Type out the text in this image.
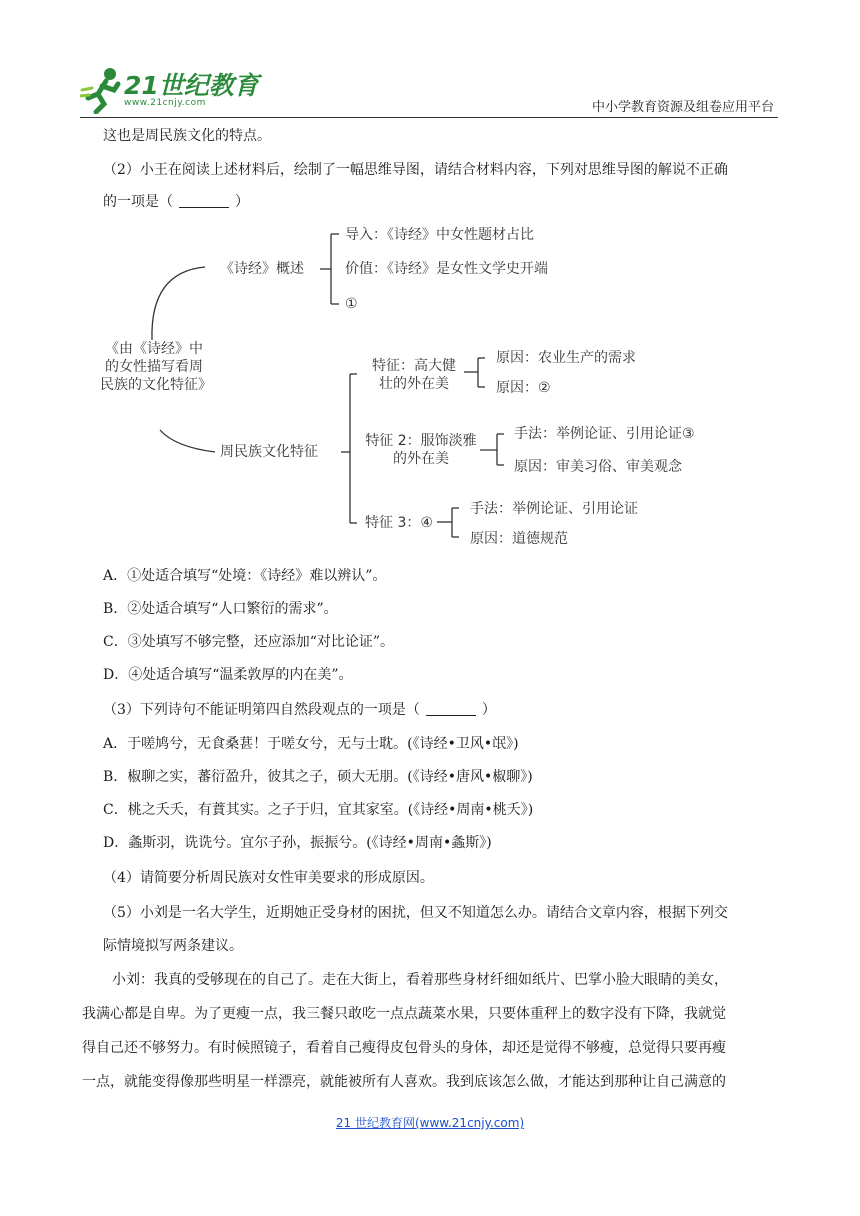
21世纪教育
www.21cnjy.com	中小学教育资源及组卷应用平台
这也是周民族文化的特点。
（2）小王在阅读上述材料后，绘制了一幅思维导图，请结合材料内容，下列对思维导图的解说不正确
的一项是（	）
《由《诗经》中的女性描写看周民族的文化特征》
《诗经》概述
导入：《诗经》中女性题材占比
价值：《诗经》是女性文学史开端
①
周民族文化特征
特征：高大健壮的外在美
原因：农业生产的需求
原因：②
特征 2：服饰淡雅的外在美
手法：举例论证、引用论证③
原因：审美习俗、审美观念
特征 3：④
手法：举例论证、引用论证
原因：道德规范
A．①处适合填写“处境：《诗经》难以辨认”。
B．②处适合填写“人口繁衍的需求”。
C．③处填写不够完整，还应添加“对比论证”。
D．④处适合填写“温柔敦厚的内在美”。
（3）下列诗句不能证明第四自然段观点的一项是（	）
A．于嗟鸠兮，无食桑葚！于嗟女兮，无与士耽。(《诗经•卫风•氓》)
B．椒聊之实，蕃衍盈升，彼其之子，硕大无朋。(《诗经•唐风•椒聊》)
C．桃之夭夭，有蕡其实。之子于归，宜其家室。(《诗经•周南•桃夭》)
D．螽斯羽，诜诜兮。宜尔子孙，振振兮。(《诗经•周南•螽斯》)
（4）请简要分析周民族对女性审美要求的形成原因。
（5）小刘是一名大学生，近期她正受身材的困扰，但又不知道怎么办。请结合文章内容，根据下列交
际情境拟写两条建议。
小刘：我真的受够现在的自己了。走在大街上，看着那些身材纤细如纸片、巴掌小脸大眼睛的美女，
我满心都是自卑。为了更瘦一点，我三餐只敢吃一点点蔬菜水果，只要体重秤上的数字没有下降，我就觉
得自己还不够努力。有时候照镜子，看着自己瘦得皮包骨头的身体，却还是觉得不够瘦，总觉得只要再瘦
一点，就能变得像那些明星一样漂亮，就能被所有人喜欢。我到底该怎么做，才能达到那种让自己满意的
21 世纪教育网(www.21cnjy.com)
